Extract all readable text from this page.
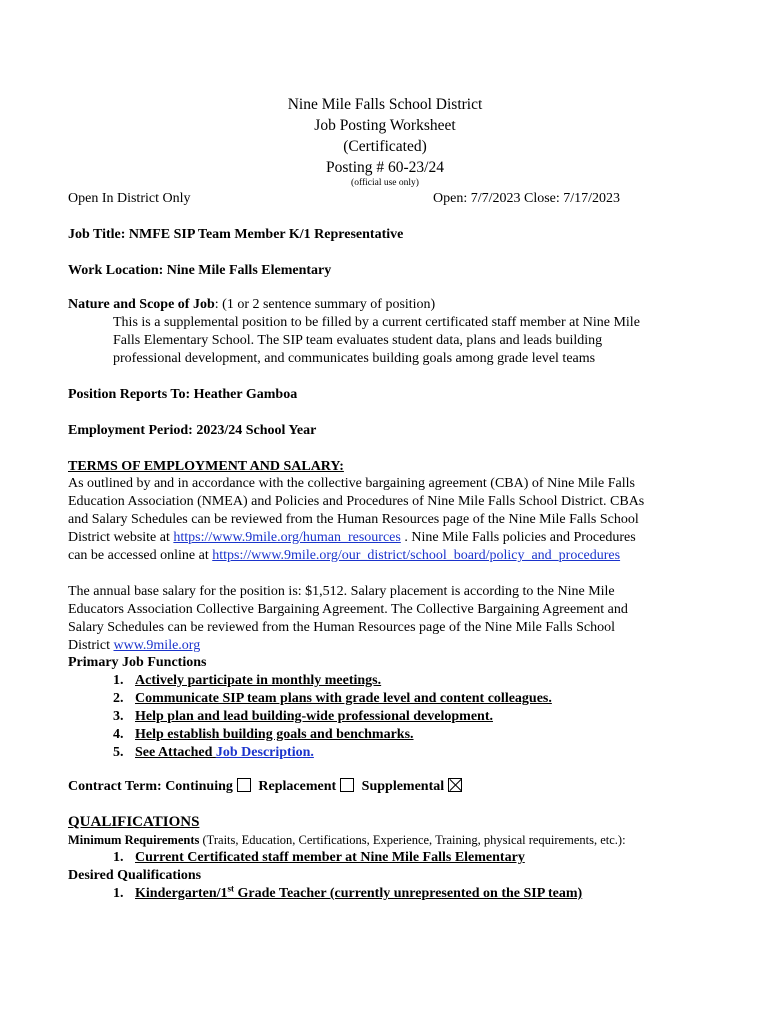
Nine Mile Falls School District
Job Posting Worksheet
(Certificated)
Posting # 60-23/24
(official use only)
Open In District Only	Open: 7/7/2023 Close: 7/17/2023
Job Title: NMFE SIP Team Member K/1 Representative
Work Location: Nine Mile Falls Elementary
Nature and Scope of Job: (1 or 2 sentence summary of position)
This is a supplemental position to be filled by a current certificated staff member at Nine Mile
Falls Elementary School. The SIP team evaluates student data, plans and leads building
professional development, and communicates building goals among grade level teams
Position Reports To: Heather Gamboa
Employment Period: 2023/24 School Year
TERMS OF EMPLOYMENT AND SALARY:
As outlined by and in accordance with the collective bargaining agreement (CBA) of Nine Mile Falls
Education Association (NMEA) and Policies and Procedures of Nine Mile Falls School District. CBAs
and Salary Schedules can be reviewed from the Human Resources page of the Nine Mile Falls School
District website at https://www.9mile.org/human_resources . Nine Mile Falls policies and Procedures
can be accessed online at https://www.9mile.org/our_district/school_board/policy_and_procedures
The annual base salary for the position is: $1,512. Salary placement is according to the Nine Mile
Educators Association Collective Bargaining Agreement. The Collective Bargaining Agreement and
Salary Schedules can be reviewed from the Human Resources page of the Nine Mile Falls School
District www.9mile.org
Primary Job Functions
1. Actively participate in monthly meetings.
2. Communicate SIP team plans with grade level and content colleagues.
3. Help plan and lead building-wide professional development.
4. Help establish building goals and benchmarks.
5. See Attached Job Description.
Contract Term: Continuing Replacement Supplemental
QUALIFICATIONS
Minimum Requirements (Traits, Education, Certifications, Experience, Training, physical requirements, etc.):
1. Current Certificated staff member at Nine Mile Falls Elementary
Desired Qualifications
1. Kindergarten/1st Grade Teacher (currently unrepresented on the SIP team)
